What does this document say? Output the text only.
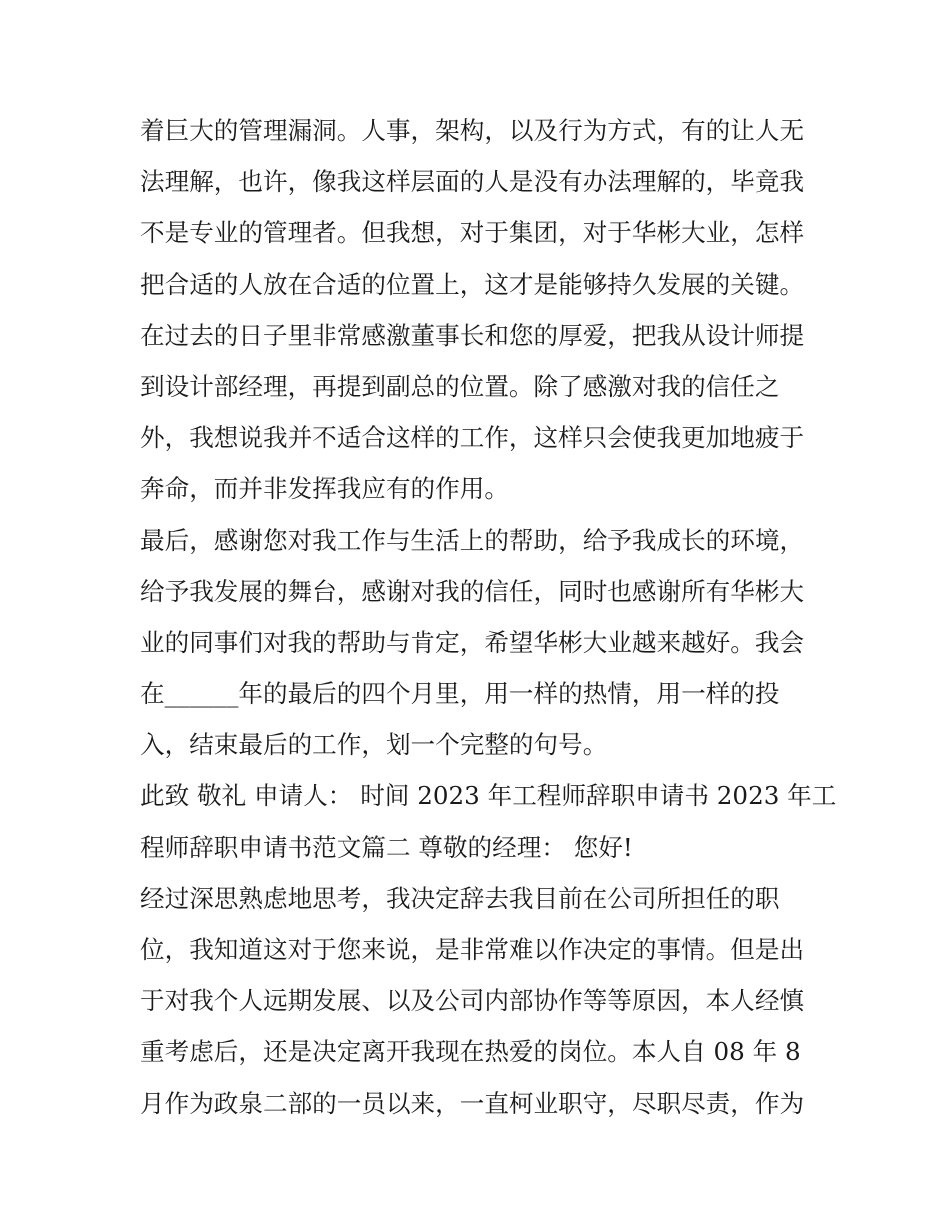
着巨大的管理漏洞。人事，架构，以及行为方式，有的让人无
法理解，也许，像我这样层面的人是没有办法理解的，毕竟我
不是专业的管理者。但我想，对于集团，对于华彬大业，怎样
把合适的人放在合适的位置上，这才是能够持久发展的关键。
在过去的日子里非常感激董事长和您的厚爱，把我从设计师提
到设计部经理，再提到副总的位置。除了感激对我的信任之
外，我想说我并不适合这样的工作，这样只会使我更加地疲于
奔命，而并非发挥我应有的作用。
最后，感谢您对我工作与生活上的帮助，给予我成长的环境，
给予我发展的舞台，感谢对我的信任，同时也感谢所有华彬大
业的同事们对我的帮助与肯定，希望华彬大业越来越好。我会
在______年的最后的四个月里，用一样的热情，用一样的投
入，结束最后的工作，划一个完整的句号。
此致 敬礼 申请人： 时间 2023 年工程师辞职申请书 2023 年工
程师辞职申请书范文篇二 尊敬的经理： 您好!
经过深思熟虑地思考，我决定辞去我目前在公司所担任的职
位，我知道这对于您来说，是非常难以作决定的事情。但是出
于对我个人远期发展、以及公司内部协作等等原因，本人经慎
重考虑后，还是决定离开我现在热爱的岗位。本人自 08 年 8
月作为政泉二部的一员以来，一直柯业职守，尽职尽责，作为
